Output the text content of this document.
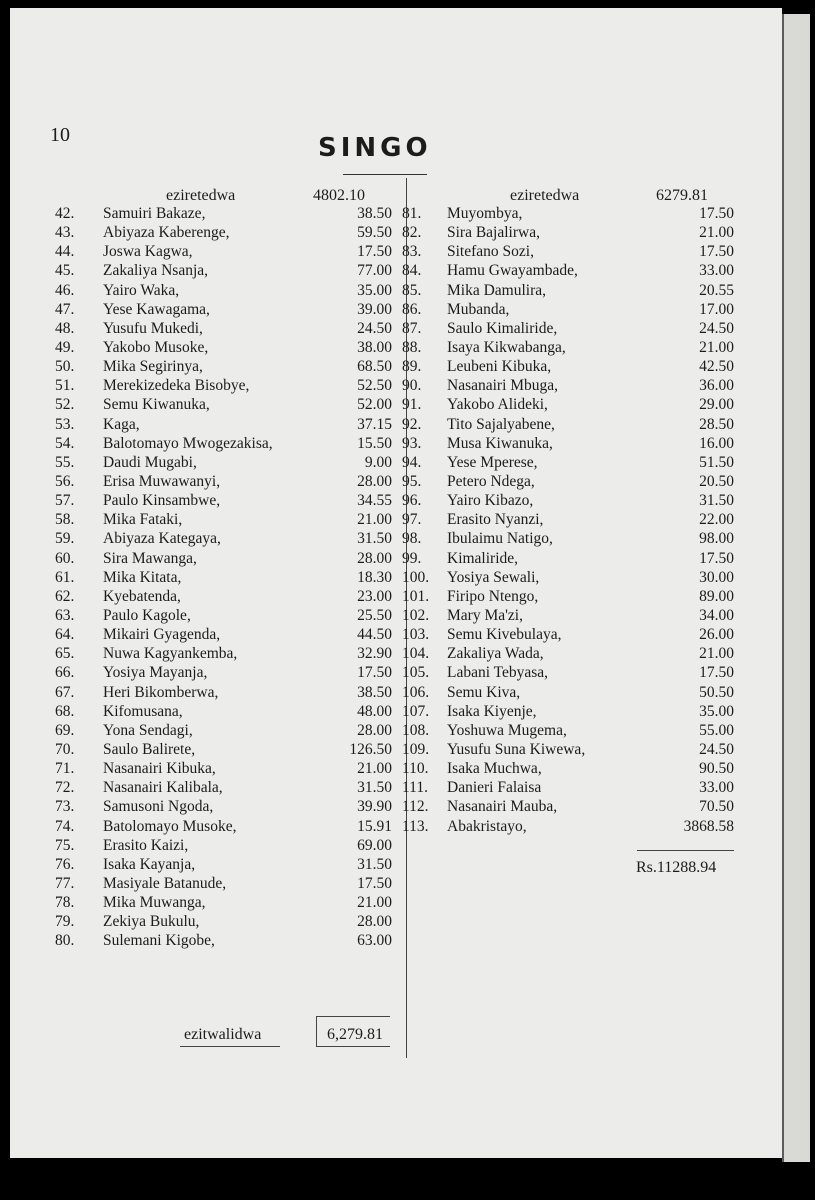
10	SINGO
eziretedwa	4802.10	eziretedwa	6279.81
42. Samuiri Bakaze,	38.50
43. Abiyaza Kaberenge,	59.50
44. Joswa Kagwa,	17.50
45. Zakaliya Nsanja,	77.00
46. Yairo Waka,	35.00
47. Yese Kawagama,	39.00
48. Yusufu Mukedi,	24.50
49. Yakobo Musoke,	38.00
50. Mika Segirinya,	68.50
51. Merekizedeka Bisobye,	52.50
52. Semu Kiwanuka,	52.00
53. Kaga,	37.15
54. Balotomayo Mwogezakisa,	15.50
55. Daudi Mugabi,	9.00
56. Erisa Muwawanyi,	28.00
57. Paulo Kinsambwe,	34.55
58. Mika Fataki,	21.00
59. Abiyaza Kategaya,	31.50
60. Sira Mawanga,	28.00
61. Mika Kitata,	18.30
62. Kyebatenda,	23.00
63. Paulo Kagole,	25.50
64. Mikairi Gyagenda,	44.50
65. Nuwa Kagyankemba,	32.90
66. Yosiya Mayanja,	17.50
67. Heri Bikomberwa,	38.50
68. Kifomusana,	48.00
69. Yona Sendagi,	28.00
70. Saulo Balirete,	126.50
71. Nasanairi Kibuka,	21.00
72. Nasanairi Kalibala,	31.50
73. Samusoni Ngoda,	39.90
74. Batolomayo Musoke,	15.91
75. Erasito Kaizi,	69.00
76. Isaka Kayanja,	31.50
77. Masiyale Batanude,	17.50
78. Mika Muwanga,	21.00
79. Zekiya Bukulu,	28.00
80. Sulemani Kigobe,	63.00
81. Muyombya,	17.50
82. Sira Bajalirwa,	21.00
83. Sitefano Sozi,	17.50
84. Hamu Gwayambade,	33.00
85. Mika Damulira,	20.55
86. Mubanda,	17.00
87. Saulo Kimaliride,	24.50
88. Isaya Kikwabanga,	21.00
89. Leubeni Kibuka,	42.50
90. Nasanairi Mbuga,	36.00
91. Yakobo Alideki,	29.00
92. Tito Sajalyabene,	28.50
93. Musa Kiwanuka,	16.00
94. Yese Mperese,	51.50
95. Petero Ndega,	20.50
96. Yairo Kibazo,	31.50
97. Erasito Nyanzi,	22.00
98. Ibulaimu Natigo,	98.00
99. Kimaliride,	17.50
100. Yosiya Sewali,	30.00
101. Firipo Ntengo,	89.00
102. Mary Ma'zi,	34.00
103. Semu Kivebulaya,	26.00
104. Zakaliya Wada,	21.00
105. Labani Tebyasa,	17.50
106. Semu Kiva,	50.50
107. Isaka Kiyenje,	35.00
108. Yoshuwa Mugema,	55.00
109. Yusufu Suna Kiwewa,	24.50
110. Isaka Muchwa,	90.50
111. Danieri Falaisa	33.00
112. Nasanairi Mauba,	70.50
113. Abakristayo,	3868.58
Rs.11288.94
ezitwalidwa	6,279.81
